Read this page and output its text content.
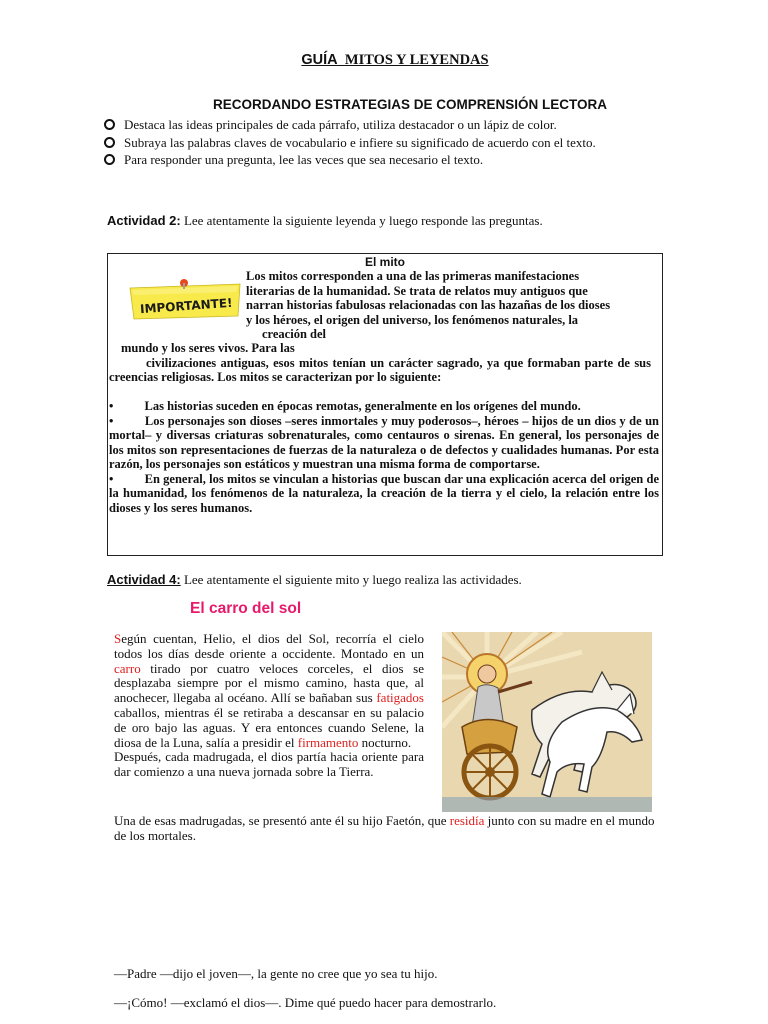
GUÍA MITOS Y LEYENDAS
RECORDANDO ESTRATEGIAS DE COMPRENSIÓN LECTORA
Destaca las ideas principales de cada párrafo, utiliza destacador o un lápiz de color.
Subraya las palabras claves de vocabulario e infiere su significado de acuerdo con el texto.
Para responder una pregunta, lee las veces que sea necesario el texto.
Actividad 2: Lee atentamente la siguiente leyenda y luego responde las preguntas.
El mito
IMPORTANTE!
Los mitos corresponden a una de las primeras manifestaciones
literarias de la humanidad. Se trata de relatos muy antiguos que
narran historias fabulosas relacionadas con las hazañas de los dioses
y los héroes, el origen del universo, los fenómenos naturales, la
creación del
mundo y los seres vivos. Para las
civilizaciones antiguas, esos mitos tenían un carácter sagrado, ya que formaban parte de sus creencias religiosas. Los mitos se caracterizan por lo siguiente:
• Las historias suceden en épocas remotas, generalmente en los orígenes del mundo.
•	Los personajes son dioses –seres inmortales y muy poderosos–, héroes – hijos de un dios y de un mortal– y diversas criaturas sobrenaturales, como centauros o sirenas. En general, los personajes de los mitos son representaciones de fuerzas de la naturaleza o de defectos y cualidades humanas. Por esta razón, los personajes son estáticos y muestran una misma forma de comportarse.
•	En general, los mitos se vinculan a historias que buscan dar una explicación acerca del origen de la humanidad, los fenómenos de la naturaleza, la creación de la tierra y el cielo, la relación entre los dioses y los seres humanos.
Actividad 4: Lee atentamente el siguiente mito y luego realiza las actividades.
El carro del sol
Según cuentan, Helio, el dios del Sol, recorría el cielo todos los días desde oriente a occidente. Montado en un carro tirado por cuatro veloces corceles, el dios se desplazaba siempre por el mismo camino, hasta que, al anochecer, llegaba al océano. Allí se bañaban sus fatigados caballos, mientras él se retiraba a descansar en su palacio de oro bajo las aguas. Y era entonces cuando Selene, la diosa de la Luna, salía a presidir el firmamento nocturno.
Después, cada madrugada, el dios partía hacia oriente para dar comienzo a una nueva jornada sobre la Tierra.
Una de esas madrugadas, se presentó ante él su hijo Faetón, que residía junto con su madre en el mundo de los mortales.
—Padre —dijo el joven—, la gente no cree que yo sea tu hijo.
—¡Cómo! —exclamó el dios—. Dime qué puedo hacer para demostrarlo.
